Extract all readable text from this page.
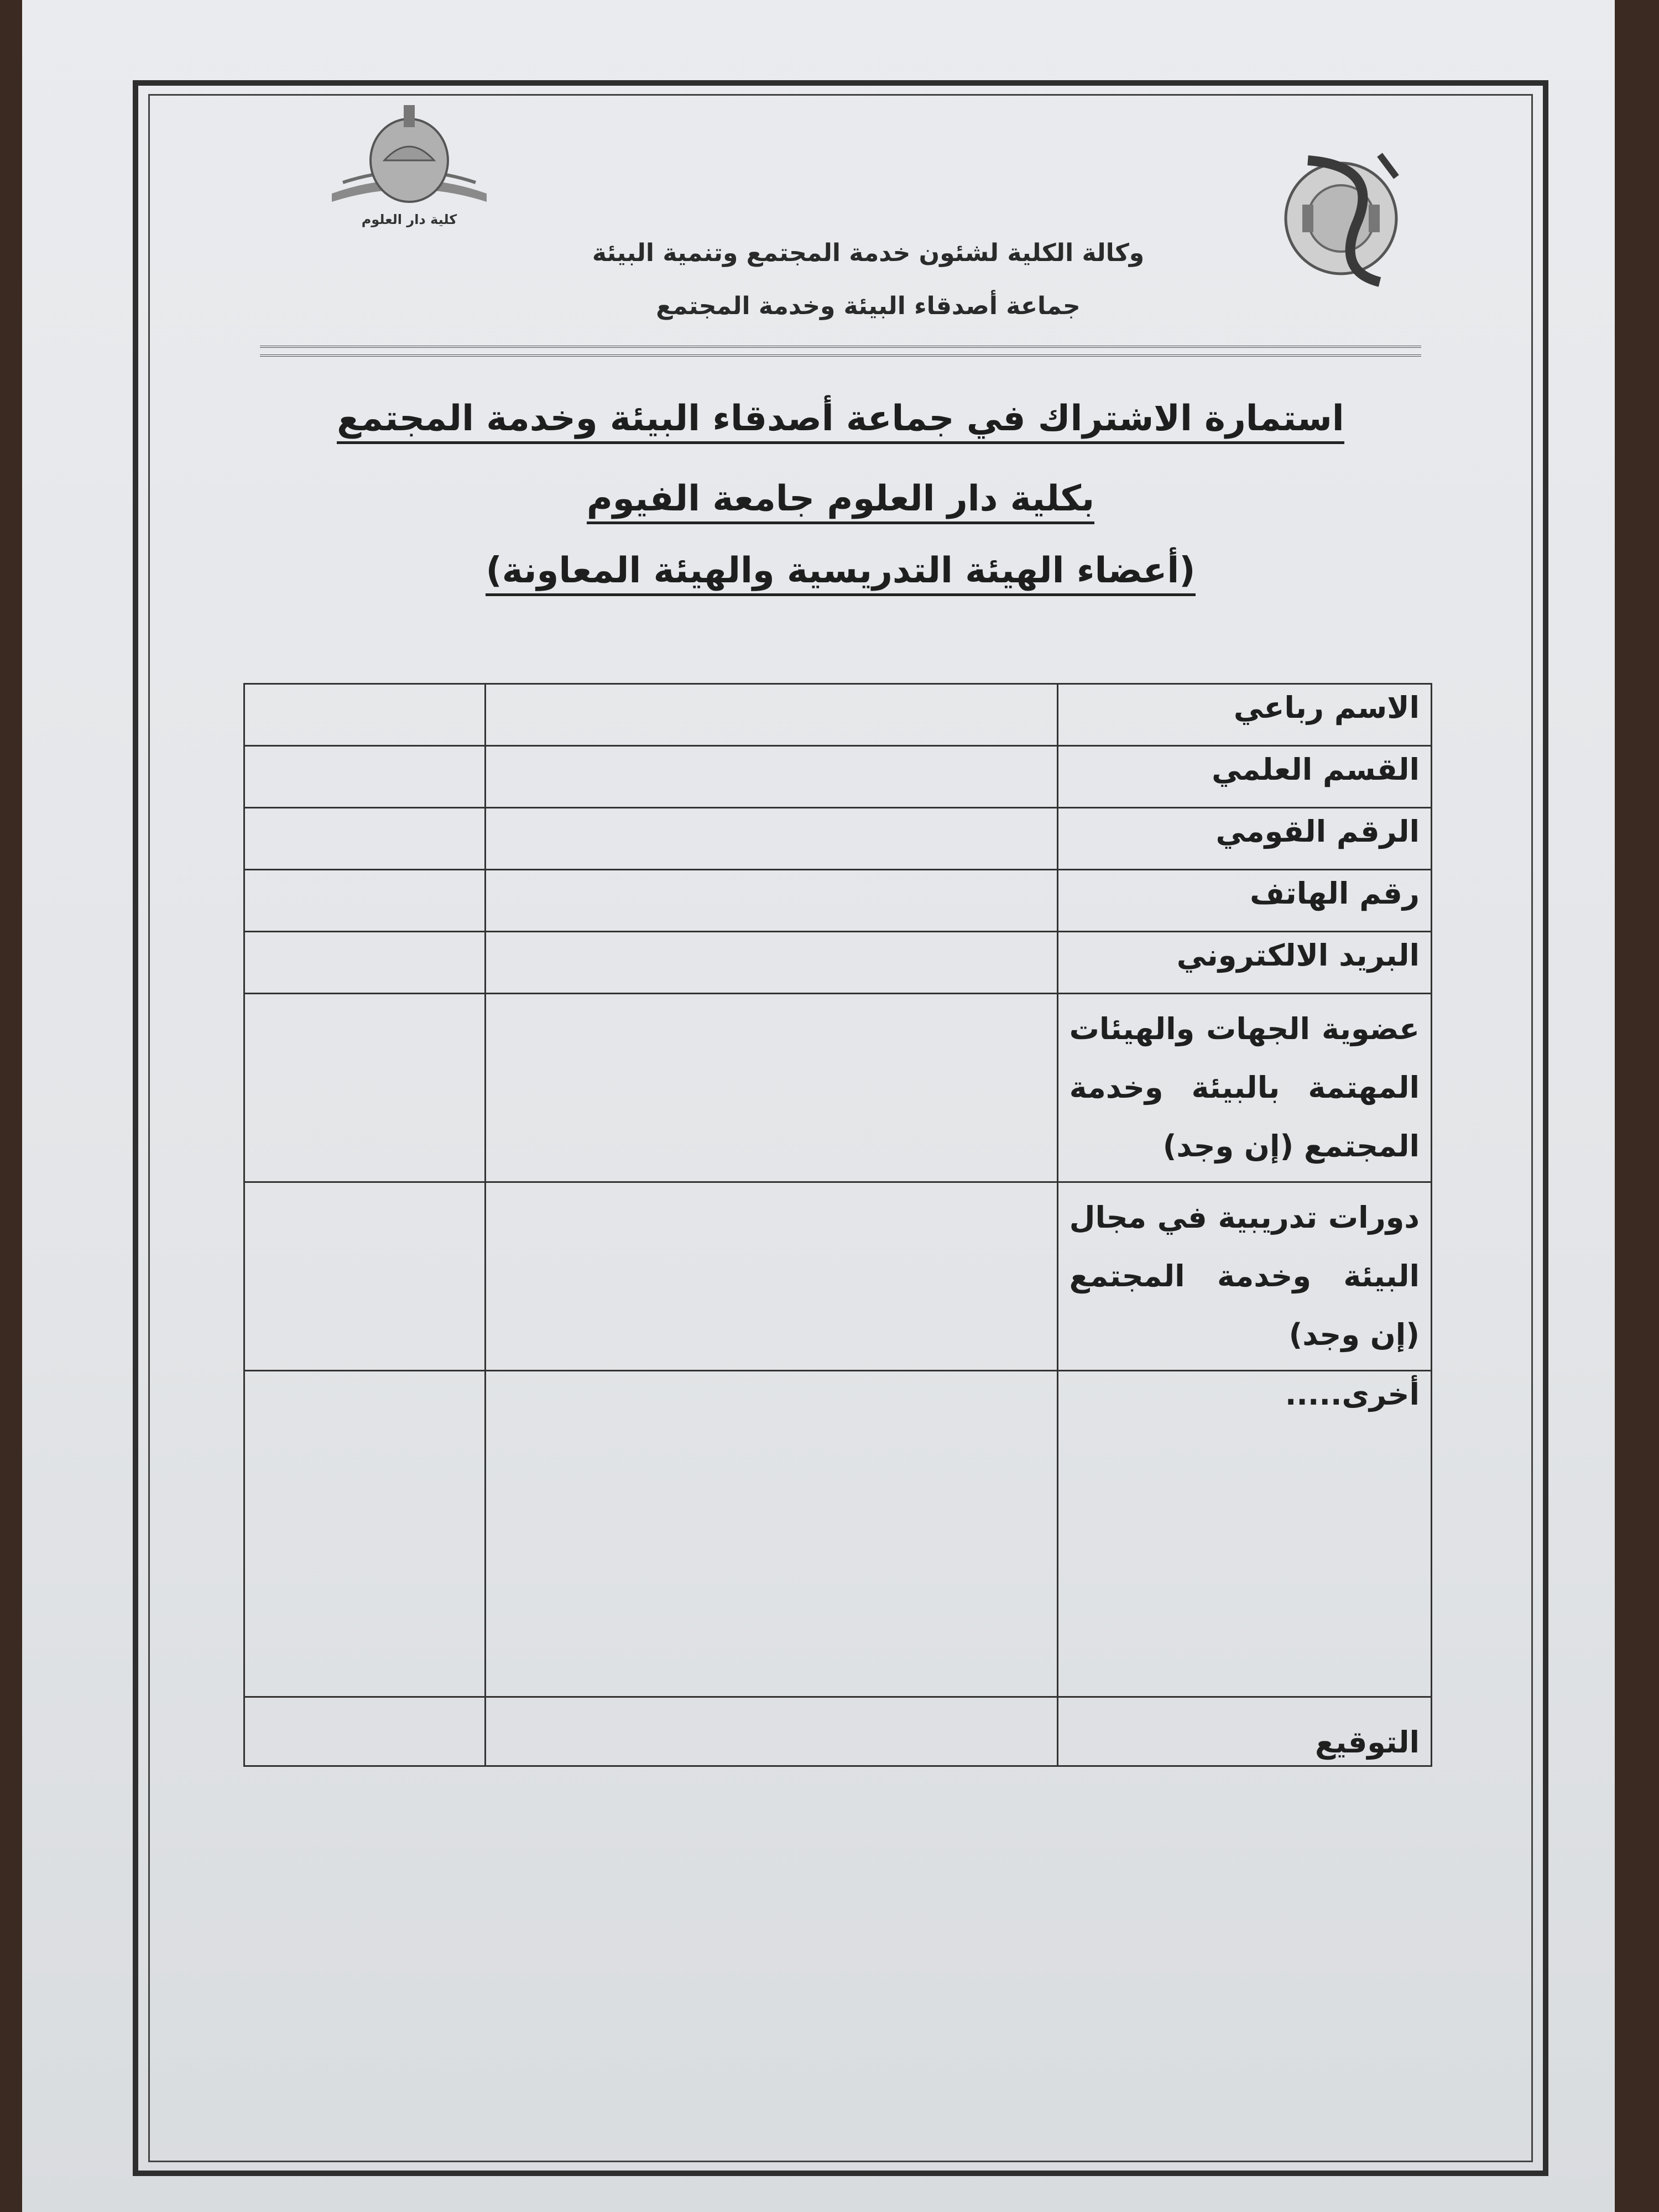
كلية دار العلوم
وكالة الكلية لشئون خدمة المجتمع وتنمية البيئة
جماعة أصدقاء البيئة وخدمة المجتمع
استمارة الاشتراك في جماعة أصدقاء البيئة وخدمة المجتمع
بكلية دار العلوم جامعة الفيوم
(أعضاء الهيئة التدريسية والهيئة المعاونة)
الاسم رباعي		
القسم العلمي		
الرقم القومي		
رقم الهاتف		
البريد الالكتروني		
عضوية الجهات والهيئات المهتمة بالبيئة وخدمة المجتمع (إن وجد)		
دورات تدريبية في مجال البيئة وخدمة المجتمع (إن وجد)		
أخرى.....		
التوقيع		
